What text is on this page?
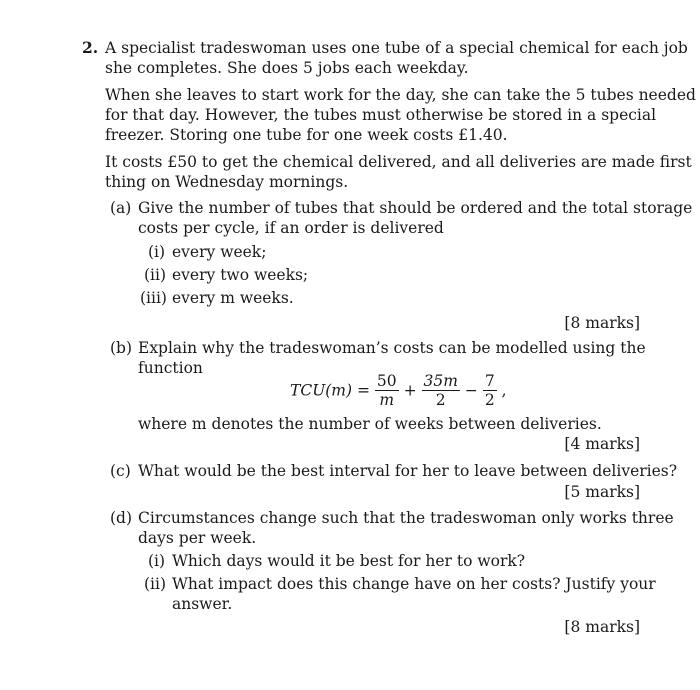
2. A specialist tradeswoman uses one tube of a special chemical for each job
she completes. She does 5 jobs each weekday.
When she leaves to start work for the day, she can take the 5 tubes needed
for that day. However, the tubes must otherwise be stored in a special
freezer. Storing one tube for one week costs £1.40.
It costs £50 to get the chemical delivered, and all deliveries are made first
thing on Wednesday mornings.
(a) Give the number of tubes that should be ordered and the total storage
costs per cycle, if an order is delivered
(i) every week;
(ii) every two weeks;
(iii) every m weeks.
[8 marks]
(b) Explain why the tradeswoman’s costs can be modelled using the
function
$TCU(m) = \frac{50}{m} + \frac{35m}{2} - \frac{7}{2}$ ,
where m denotes the number of weeks between deliveries.
[4 marks]
(c) What would be the best interval for her to leave between deliveries?
[5 marks]
(d) Circumstances change such that the tradeswoman only works three
days per week.
(i) Which days would it be best for her to work?
(ii) What impact does this change have on her costs? Justify your
answer.
[8 marks]
